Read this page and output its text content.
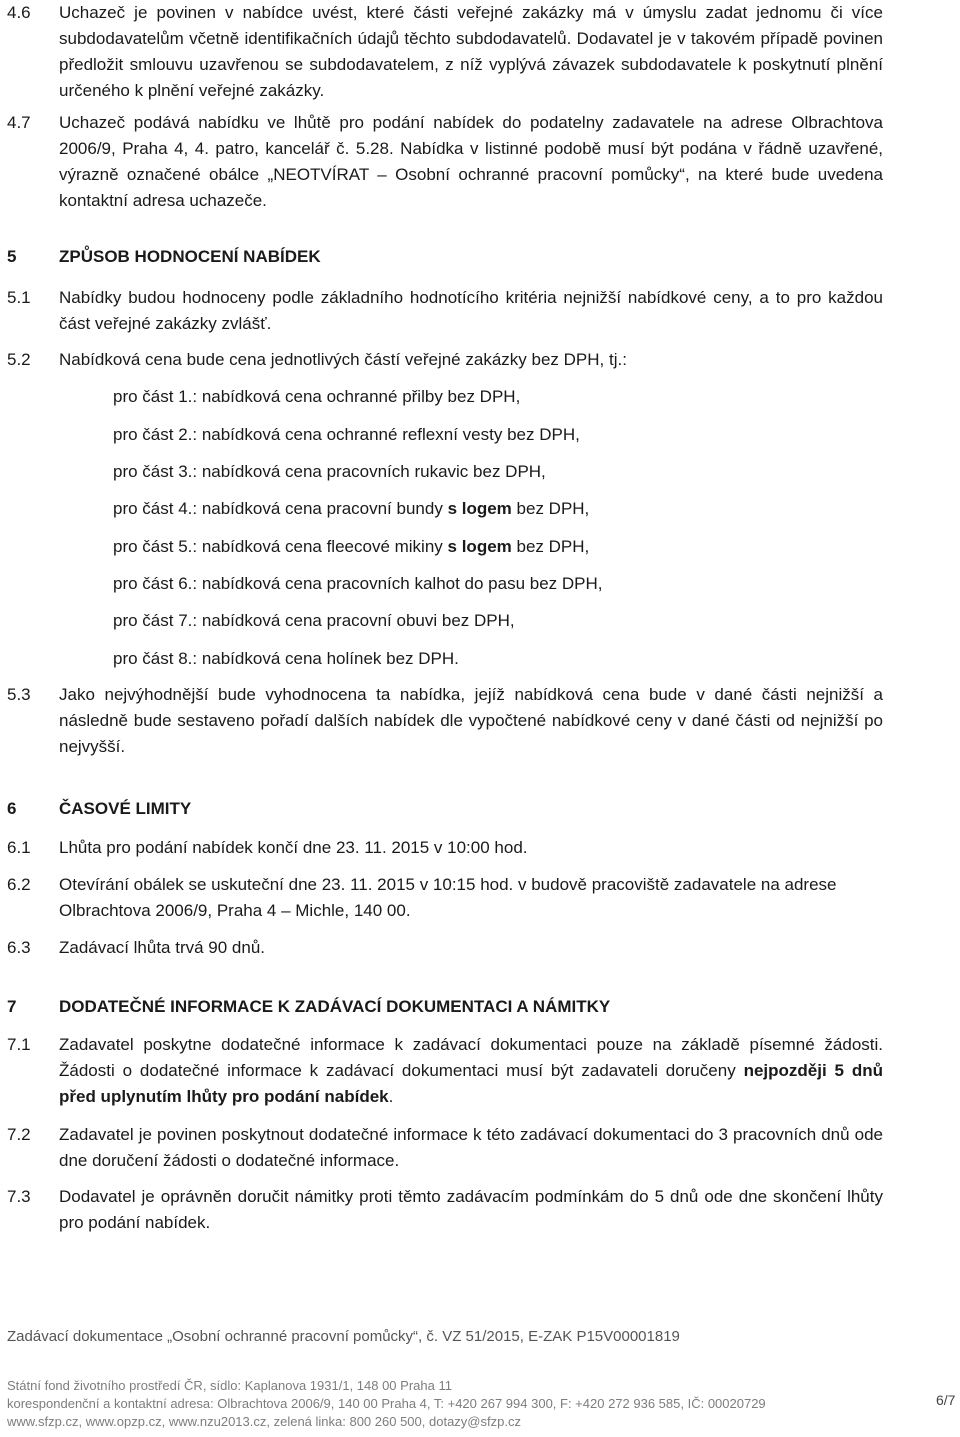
4.6	Uchazeč je povinen v nabídce uvést, které části veřejné zakázky má v úmyslu zadat jednomu či více subdodavatelům včetně identifikačních údajů těchto subdodavatelů. Dodavatel je v takovém případě povinen předložit smlouvu uzavřenou se subdodavatelem, z níž vyplývá závazek subdodavatele k poskytnutí plnění určeného k plnění veřejné zakázky.
4.7	Uchazeč podává nabídku ve lhůtě pro podání nabídek do podatelny zadavatele na adrese Olbrachtova 2006/9, Praha 4, 4. patro, kancelář č. 5.28. Nabídka v listinné podobě musí být podána v řádně uzavřené, výrazně označené obálce „NEOTVÍRAT – Osobní ochranné pracovní pomůcky“, na které bude uvedena kontaktní adresa uchazeče.
5	ZPŮSOB HODNOCENÍ NABÍDEK
5.1	Nabídky budou hodnoceny podle základního hodnotícího kritéria nejnižší nabídkové ceny, a to pro každou část veřejné zakázky zvlášť.
5.2	Nabídková cena bude cena jednotlivých částí veřejné zakázky bez DPH, tj.:
pro část 1.: nabídková cena ochranné přilby bez DPH,
pro část 2.: nabídková cena ochranné reflexní vesty bez DPH,
pro část 3.: nabídková cena pracovních rukavic bez DPH,
pro část 4.: nabídková cena pracovní bundy s logem bez DPH,
pro část 5.: nabídková cena fleecové mikiny s logem bez DPH,
pro část 6.: nabídková cena pracovních kalhot do pasu bez DPH,
pro část 7.: nabídková cena pracovní obuvi bez DPH,
pro část 8.: nabídková cena holínek bez DPH.
5.3	Jako nejvýhodnější bude vyhodnocena ta nabídka, jejíž nabídková cena bude v dané části nejnižší a následně bude sestaveno pořadí dalších nabídek dle vypočtené nabídkové ceny v dané části od nejnižší po nejvyšší.
6	ČASOVÉ LIMITY
6.1	Lhůta pro podání nabídek končí dne 23. 11. 2015 v 10:00 hod.
6.2	Otevírání obálek se uskuteční dne 23. 11. 2015 v 10:15 hod. v budově pracoviště zadavatele na adrese Olbrachtova 2006/9, Praha 4 – Michle, 140 00.
6.3	Zadávací lhůta trvá 90 dnů.
7	DODATEČNÉ INFORMACE K ZADÁVACÍ DOKUMENTACI A NÁMITKY
7.1	Zadavatel poskytne dodatečné informace k zadávací dokumentaci pouze na základě písemné žádosti. Žádosti o dodatečné informace k zadávací dokumentaci musí být zadavateli doručeny nejpozději 5 dnů před uplynutím lhůty pro podání nabídek.
7.2	Zadavatel je povinen poskytnout dodatečné informace k této zadávací dokumentaci do 3 pracovních dnů ode dne doručení žádosti o dodatečné informace.
7.3	Dodavatel je oprávněn doručit námitky proti těmto zadávacím podmínkám do 5 dnů ode dne skončení lhůty pro podání nabídek.
Zadávací dokumentace „Osobní ochranné pracovní pomůcky“, č. VZ 51/2015, E-ZAK P15V00001819
Státní fond životního prostředí ČR, sídlo: Kaplanova 1931/1, 148 00 Praha 11
korespondenční a kontaktní adresa: Olbrachtova 2006/9, 140 00 Praha 4, T: +420 267 994 300, F: +420 272 936 585, IČ: 00020729
www.sfzp.cz, www.opzp.cz, www.nzu2013.cz, zelená linka: 800 260 500, dotazy@sfzp.cz
6/7
